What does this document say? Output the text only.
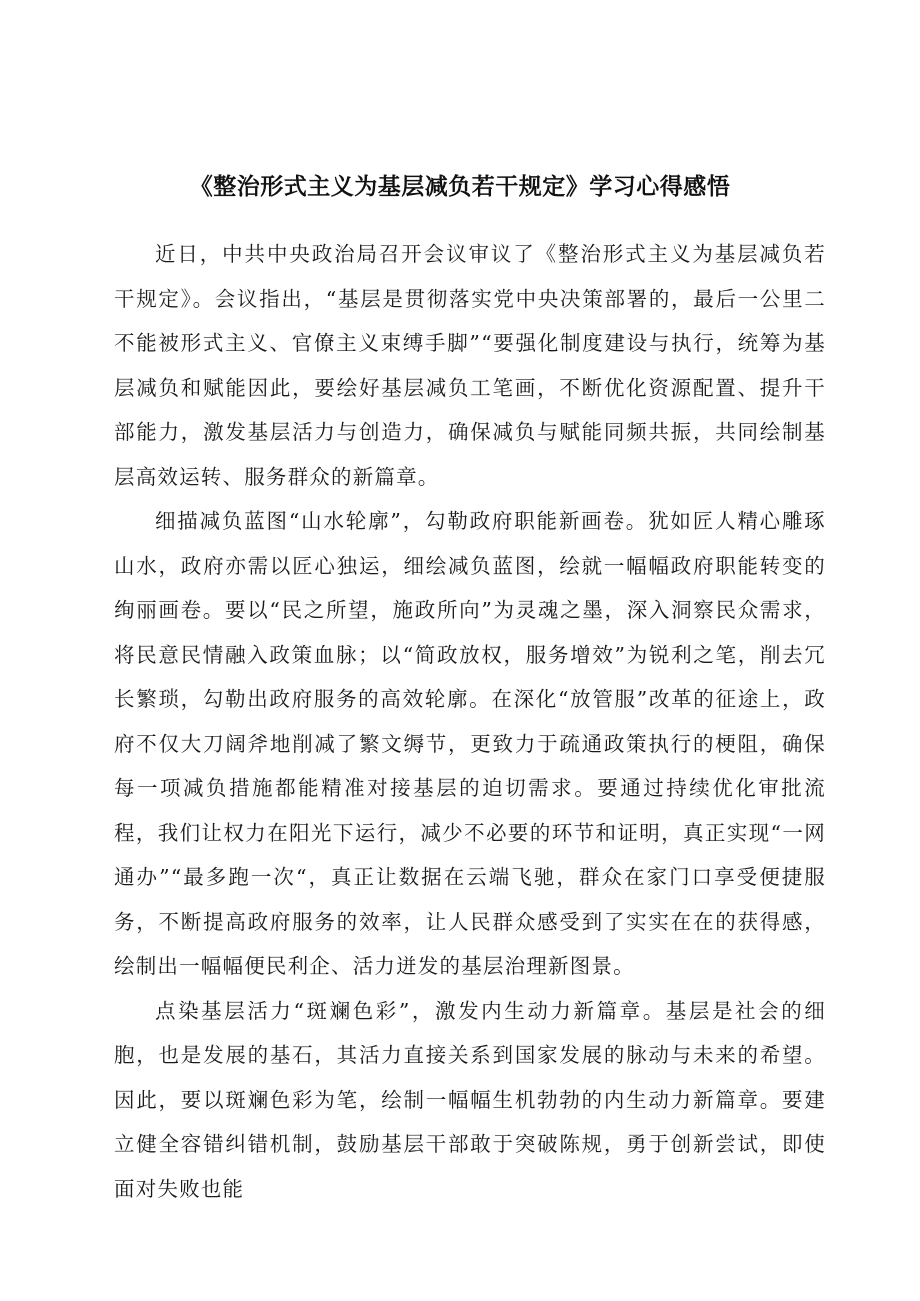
《整治形式主义为基层减负若干规定》学习心得感悟

近日，中共中央政治局召开会议审议了《整治形式主义为基层减负若干规定》。会议指出，“基层是贯彻落实党中央决策部署的，最后一公里二不能被形式主义、官僚主义束缚手脚”“要强化制度建设与执行，统筹为基层减负和赋能因此，要绘好基层减负工笔画，不断优化资源配置、提升干部能力，激发基层活力与创造力，确保减负与赋能同频共振，共同绘制基层高效运转、服务群众的新篇章。

细描减负蓝图“山水轮廓”，勾勒政府职能新画卷。犹如匠人精心雕琢山水，政府亦需以匠心独运，细绘减负蓝图，绘就一幅幅政府职能转变的绚丽画卷。要以“民之所望，施政所向”为灵魂之墨，深入洞察民众需求，将民意民情融入政策血脉；以“简政放权，服务增效”为锐利之笔，削去冗长繁琐，勾勒出政府服务的高效轮廓。在深化“放管服”改革的征途上，政府不仅大刀阔斧地削减了繁文缛节，更致力于疏通政策执行的梗阻，确保每一项减负措施都能精准对接基层的迫切需求。要通过持续优化审批流程，我们让权力在阳光下运行，减少不必要的环节和证明，真正实现“一网通办”“最多跑一次“，真正让数据在云端飞驰，群众在家门口享受便捷服务，不断提高政府服务的效率，让人民群众感受到了实实在在的获得感，绘制出一幅幅便民利企、活力迸发的基层治理新图景。

点染基层活力“斑斓色彩”，激发内生动力新篇章。基层是社会的细胞，也是发展的基石，其活力直接关系到国家发展的脉动与未来的希望。因此，要以斑斓色彩为笔，绘制一幅幅生机勃勃的内生动力新篇章。要建立健全容错纠错机制，鼓励基层干部敢于突破陈规，勇于创新尝试，即使面对失败也能
